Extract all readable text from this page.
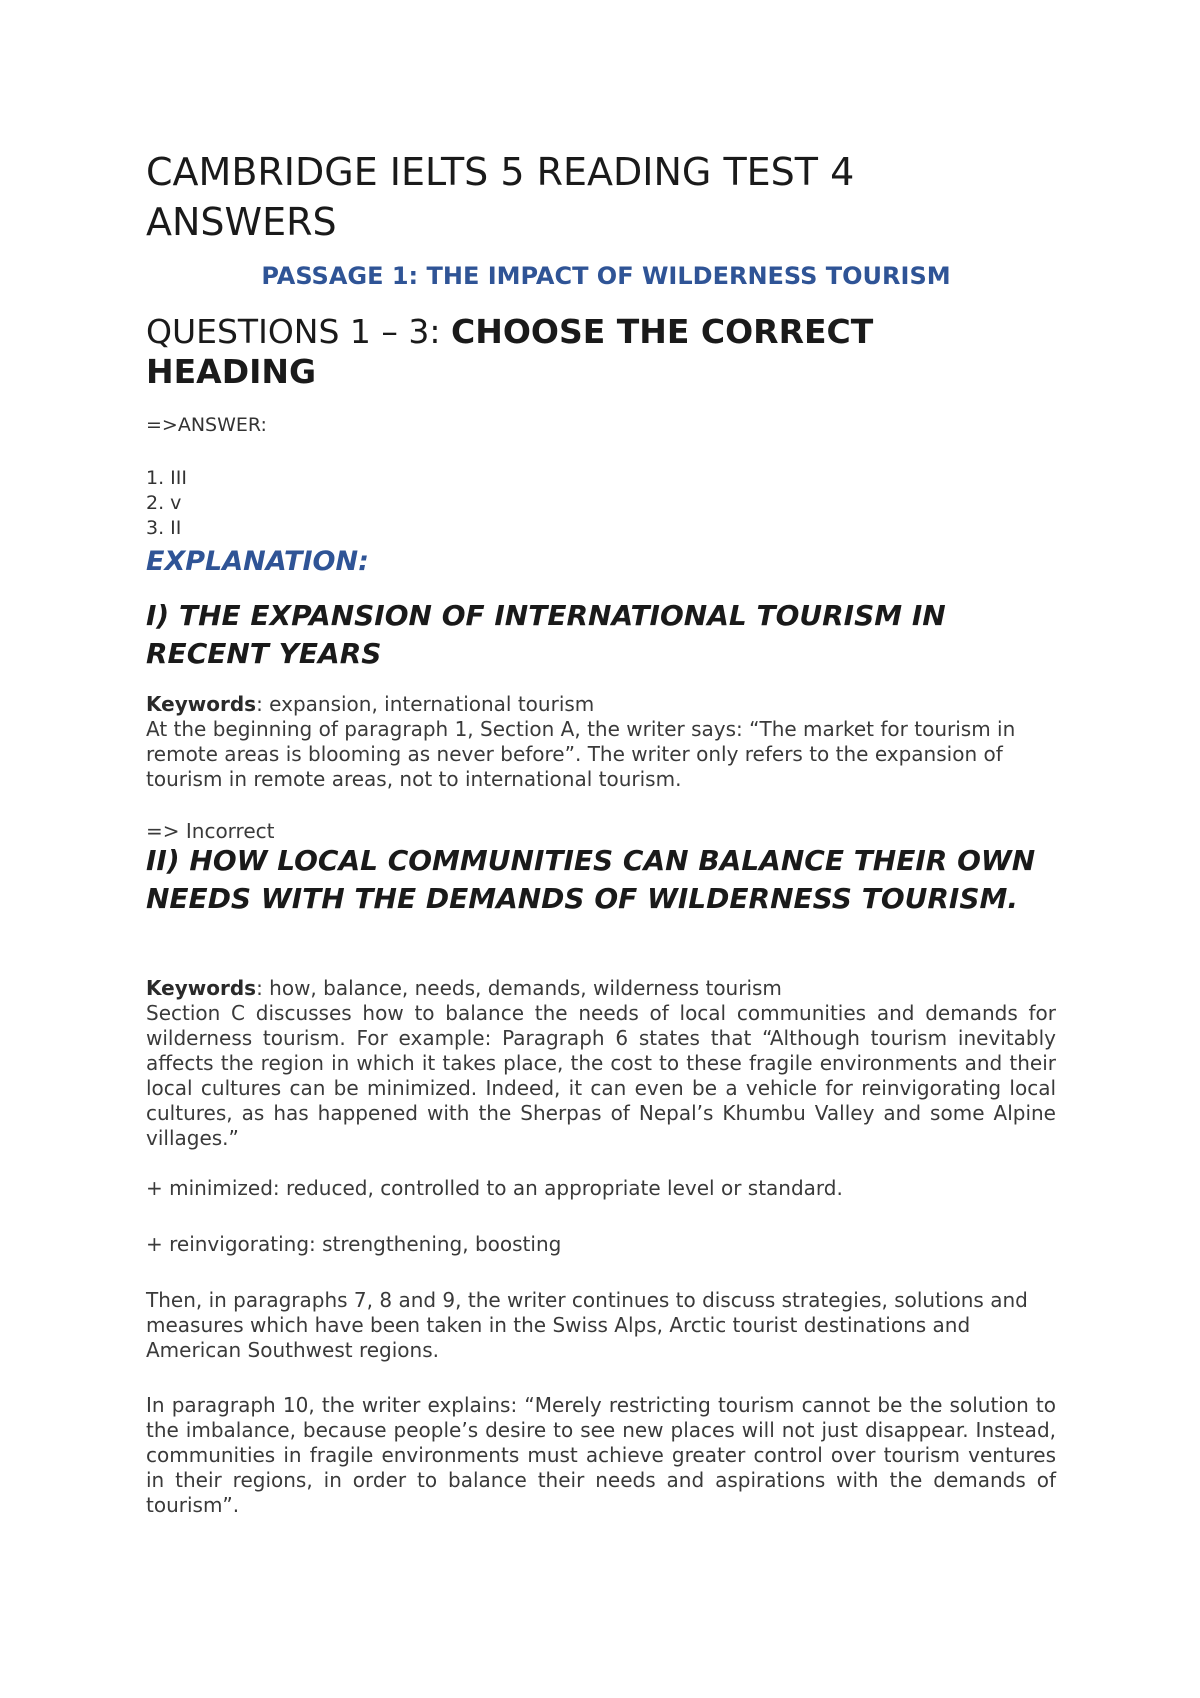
CAMBRIDGE IELTS 5 READING TEST 4 ANSWERS
PASSAGE 1: THE IMPACT OF WILDERNESS TOURISM
QUESTIONS 1 – 3: CHOOSE THE CORRECT HEADING

=>ANSWER:

1. III
2. v
3. II
EXPLANATION:
I) THE EXPANSION OF INTERNATIONAL TOURISM IN RECENT YEARS

Keywords: expansion, international tourism

At the beginning of paragraph 1, Section A, the writer says: “The market for tourism in remote areas is blooming as never before”. The writer only refers to the expansion of tourism in remote areas, not to international tourism.

=> Incorrect

II) HOW LOCAL COMMUNITIES CAN BALANCE THEIR OWN NEEDS WITH THE DEMANDS OF WILDERNESS TOURISM.

Keywords: how, balance, needs, demands, wilderness tourism

Section C discusses how to balance the needs of local communities and demands for wilderness tourism. For example: Paragraph 6 states that “Although tourism inevitably affects the region in which it takes place, the cost to these fragile environments and their local cultures can be minimized. Indeed, it can even be a vehicle for reinvigorating local cultures, as has happened with the Sherpas of Nepal’s Khumbu Valley and some Alpine villages.”

+ minimized: reduced, controlled to an appropriate level or standard.

+ reinvigorating: strengthening, boosting

Then, in paragraphs 7, 8 and 9, the writer continues to discuss strategies, solutions and measures which have been taken in the Swiss Alps, Arctic tourist destinations and American Southwest regions.

In paragraph 10, the writer explains: “Merely restricting tourism cannot be the solution to the imbalance, because people’s desire to see new places will not just disappear. Instead, communities in fragile environments must achieve greater control over tourism ventures in their regions, in order to balance their needs and aspirations with the demands of tourism”.
